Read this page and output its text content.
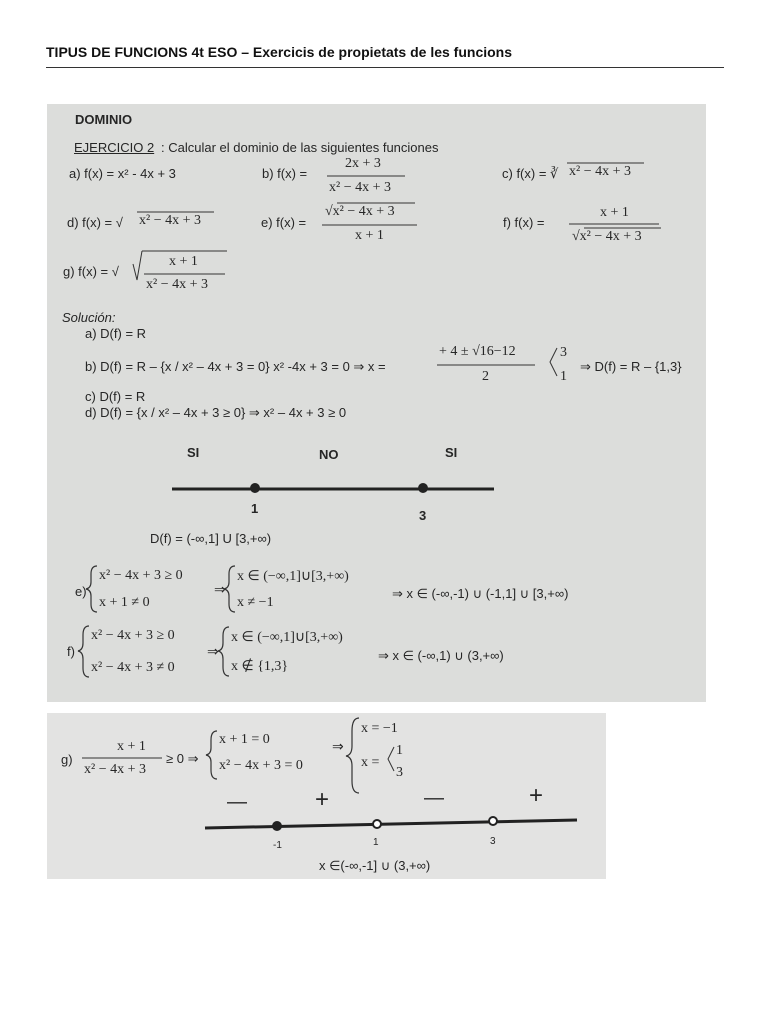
TIPUS DE FUNCIONS 4t ESO – Exercicis de propietats de les funcions
DOMINIO
EJERCICIO 2 : Calcular el dominio de las siguientes funciones
a) f(x) = x² - 4x + 3	b) f(x) =
2x + 3
x² − 4x + 3
c) f(x) = ∛ x² − 4x + 3
d) f(x) = √ x² − 4x + 3	e) f(x) =
√x² − 4x + 3
x + 1
f) f(x) =
x + 1
√x² − 4x + 3
g) f(x) = √
x + 1
x² − 4x + 3
Solución:
a) D(f) = R
b) D(f) = R – {x / x² – 4x + 3 = 0} x² -4x + 3 = 0 ⇒ x =
+ 4 ± √16−12
2
3
1
⇒ D(f) = R – {1,3}
c) D(f) = R
d) D(f) = {x / x² – 4x + 3 ≥ 0} ⇒ x² – 4x + 3 ≥ 0
SI	NO	SI
1	3
D(f) = (-∞,1] U [3,+∞)
e)
x² − 4x + 3 ≥ 0
x + 1 ≠ 0
⇒
x ∈ (−∞,1]∪[3,+∞)
x ≠ −1
⇒ x ∈ (-∞,-1) ∪ (-1,1] ∪ [3,+∞)
f)
x² − 4x + 3 ≥ 0
x² − 4x + 3 ≠ 0
⇒
x ∈ (−∞,1]∪[3,+∞)
x ∉ {1,3}
⇒ x ∈ (-∞,1) ∪ (3,+∞)
g)
x + 1
x² − 4x + 3
≥ 0 ⇒
x + 1 = 0
x² − 4x + 3 = 0
⇒
x = −1
x =
1
3
—	+	—	+
-1	1	3
x ∈(-∞,-1] ∪ (3,+∞)
